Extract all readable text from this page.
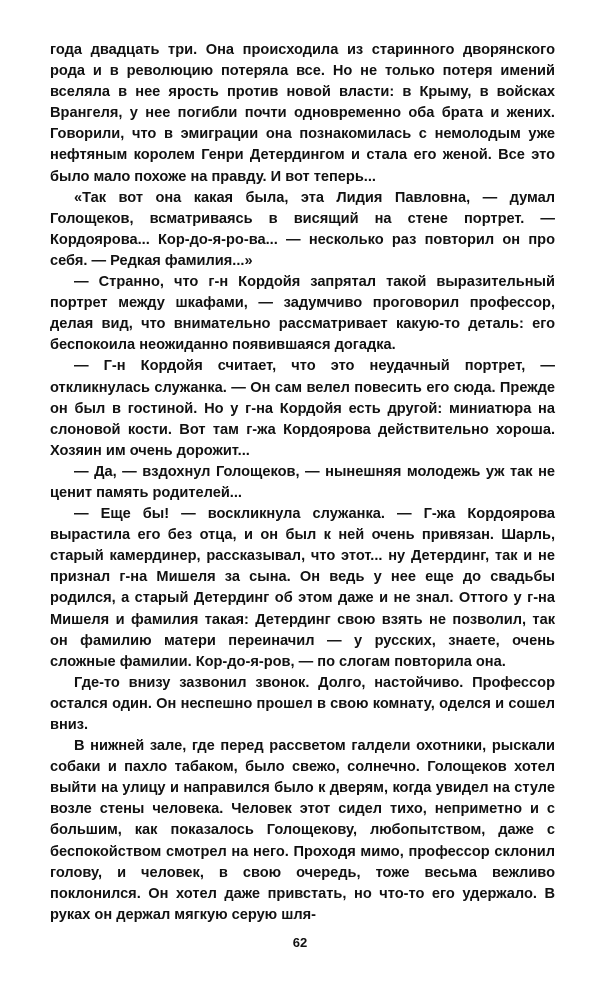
года двадцать три. Она происходила из старинного дворянского рода и в революцию потеряла все. Но не только потеря имений вселяла в нее ярость против новой власти: в Крыму, в войсках Врангеля, у нее погибли почти одновременно оба брата и жених. Говорили, что в эмиграции она познакомилась с немолодым уже нефтяным королем Генри Детердингом и стала его женой. Все это было мало похоже на правду. И вот теперь...

«Так вот она какая была, эта Лидия Павловна, — думал Голощеков, всматриваясь в висящий на стене портрет. — Кордоярова... Кор-до-я-ро-ва... — несколько раз повторил он про себя. — Редкая фамилия...»

— Странно, что г-н Кордойя запрятал такой выразительный портрет между шкафами, — задумчиво проговорил профессор, делая вид, что внимательно рассматривает какую-то деталь: его беспокоила неожиданно появившаяся догадка.

— Г-н Кордойя считает, что это неудачный портрет, — откликнулась служанка. — Он сам велел повесить его сюда. Прежде он был в гостиной. Но у г-на Кордойя есть другой: миниатюра на слоновой кости. Вот там г-жа Кордоярова действительно хороша. Хозяин им очень дорожит...

— Да, — вздохнул Голощеков, — нынешняя молодежь уж так не ценит память родителей...

— Еще бы! — воскликнула служанка. — Г-жа Кордоярова вырастила его без отца, и он был к ней очень привязан. Шарль, старый камердинер, рассказывал, что этот... ну Детердинг, так и не признал г-на Мишеля за сына. Он ведь у нее еще до свадьбы родился, а старый Детердинг об этом даже и не знал. Оттого у г-на Мишеля и фамилия такая: Детердинг свою взять не позволил, так он фамилию матери переиначил — у русских, знаете, очень сложные фамилии. Кор-до-я-ров, — по слогам повторила она.

Где-то внизу зазвонил звонок. Долго, настойчиво. Профессор остался один. Он неспешно прошел в свою комнату, оделся и сошел вниз.

В нижней зале, где перед рассветом галдели охотники, рыскали собаки и пахло табаком, было свежо, солнечно. Голощеков хотел выйти на улицу и направился было к дверям, когда увидел на стуле возле стены человека. Человек этот сидел тихо, неприметно и с большим, как показалось Голощекову, любопытством, даже с беспокойством смотрел на него. Проходя мимо, профессор склонил голову, и человек, в свою очередь, тоже весьма вежливо поклонился. Он хотел даже привстать, но что-то его удержало. В руках он держал мягкую серую шля-

62
